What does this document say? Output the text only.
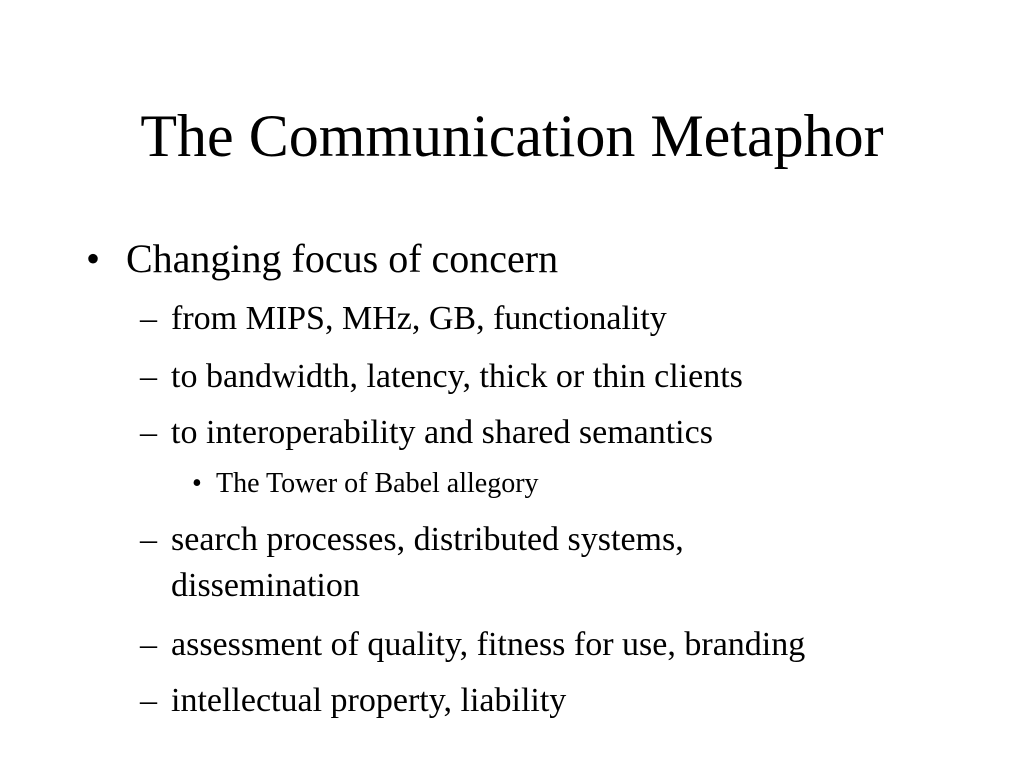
The Communication Metaphor
• Changing focus of concern
– from MIPS, MHz, GB, functionality
– to bandwidth, latency, thick or thin clients
– to interoperability and shared semantics
• The Tower of Babel allegory
– search processes, distributed systems,
dissemination
– assessment of quality, fitness for use, branding
– intellectual property, liability
